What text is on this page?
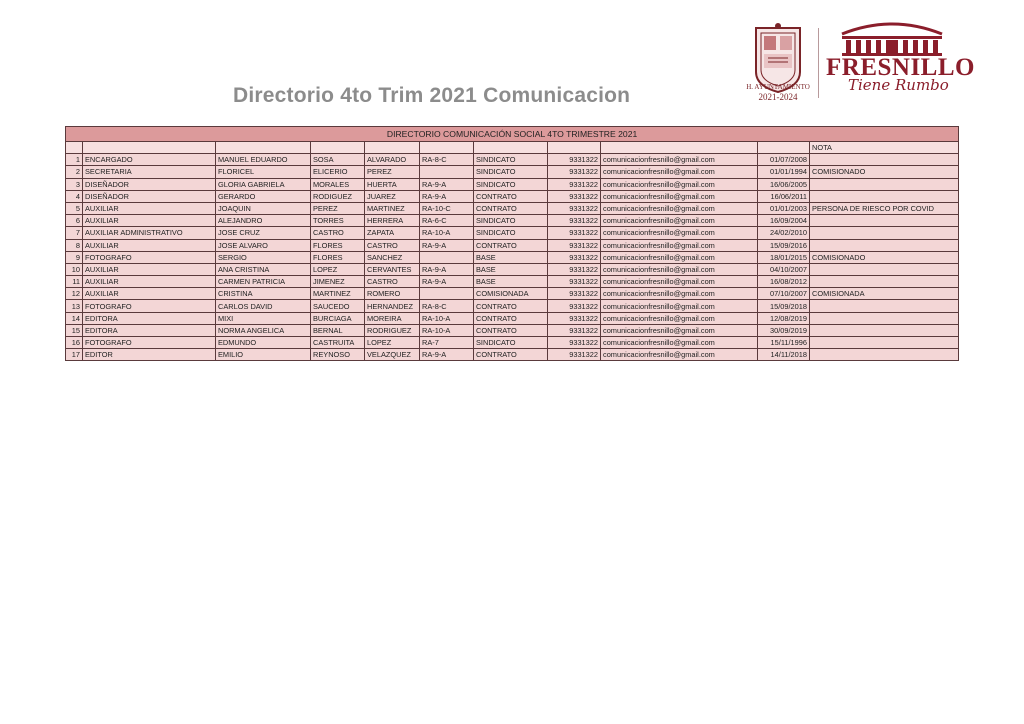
Directorio 4to Trim 2021 Comunicacion	H. AYUNTAMIENTO
2021-2024
FRESNILLO
Tiene Rumbo
DIRECTORIO COMUNICACIÓN SOCIAL 4TO TRIMESTRE 2021										
										NOTA
1	ENCARGADO	MANUEL EDUARDO	SOSA	ALVARADO	RA-8-C	SINDICATO	9331322	comunicacionfresnillo@gmail.com	01/07/2008	
2	SECRETARIA	FLORICEL	ELICERIO	PEREZ		SINDICATO	9331322	comunicacionfresnillo@gmail.com	01/01/1994	COMISIONADO
3	DISEÑADOR	GLORIA GABRIELA	MORALES	HUERTA	RA-9-A	SINDICATO	9331322	comunicacionfresnillo@gmail.com	16/06/2005	
4	DISEÑADOR	GERARDO	RODIGUEZ	JUAREZ	RA-9-A	CONTRATO	9331322	comunicacionfresnillo@gmail.com	16/06/2011	
5	AUXILIAR	JOAQUIN	PEREZ	MARTINEZ	RA-10-C	CONTRATO	9331322	comunicacionfresnillo@gmail.com	01/01/2003	PERSONA DE RIESCO POR COVID
6	AUXILIAR	ALEJANDRO	TORRES	HERRERA	RA-6-C	SINDICATO	9331322	comunicacionfresnillo@gmail.com	16/09/2004	
7	AUXILIAR ADMINISTRATIVO	JOSE CRUZ	CASTRO	ZAPATA	RA-10-A	SINDICATO	9331322	comunicacionfresnillo@gmail.com	24/02/2010	
8	AUXILIAR	JOSE ALVARO	FLORES	CASTRO	RA-9-A	CONTRATO	9331322	comunicacionfresnillo@gmail.com	15/09/2016	
9	FOTOGRAFO	SERGIO	FLORES	SANCHEZ		BASE	9331322	comunicacionfresnillo@gmail.com	18/01/2015	COMISIONADO
10	AUXILIAR	ANA CRISTINA	LOPEZ	CERVANTES	RA-9-A	BASE	9331322	comunicacionfresnillo@gmail.com	04/10/2007	
11	AUXILIAR	CARMEN PATRICIA	JIMENEZ	CASTRO	RA-9-A	BASE	9331322	comunicacionfresnillo@gmail.com	16/08/2012	
12	AUXILIAR	CRISTINA	MARTINEZ	ROMERO		COMISIONADA	9331322	comunicacionfresnillo@gmail.com	07/10/2007	COMISIONADA
13	FOTOGRAFO	CARLOS DAVID	SAUCEDO	HERNANDEZ	RA-8-C	CONTRATO	9331322	comunicacionfresnillo@gmail.com	15/09/2018	
14	EDITORA	MIXI	BURCIAGA	MOREIRA	RA-10-A	CONTRATO	9331322	comunicacionfresnillo@gmail.com	12/08/2019	
15	EDITORA	NORMA ANGELICA	BERNAL	RODRIGUEZ	RA-10-A	CONTRATO	9331322	comunicacionfresnillo@gmail.com	30/09/2019	
16	FOTOGRAFO	EDMUNDO	CASTRUITA	LOPEZ	RA-7	SINDICATO	9331322	comunicacionfresnillo@gmail.com	15/11/1996	
17	EDITOR	EMILIO	REYNOSO	VELAZQUEZ	RA-9-A	CONTRATO	9331322	comunicacionfresnillo@gmail.com	14/11/2018	
